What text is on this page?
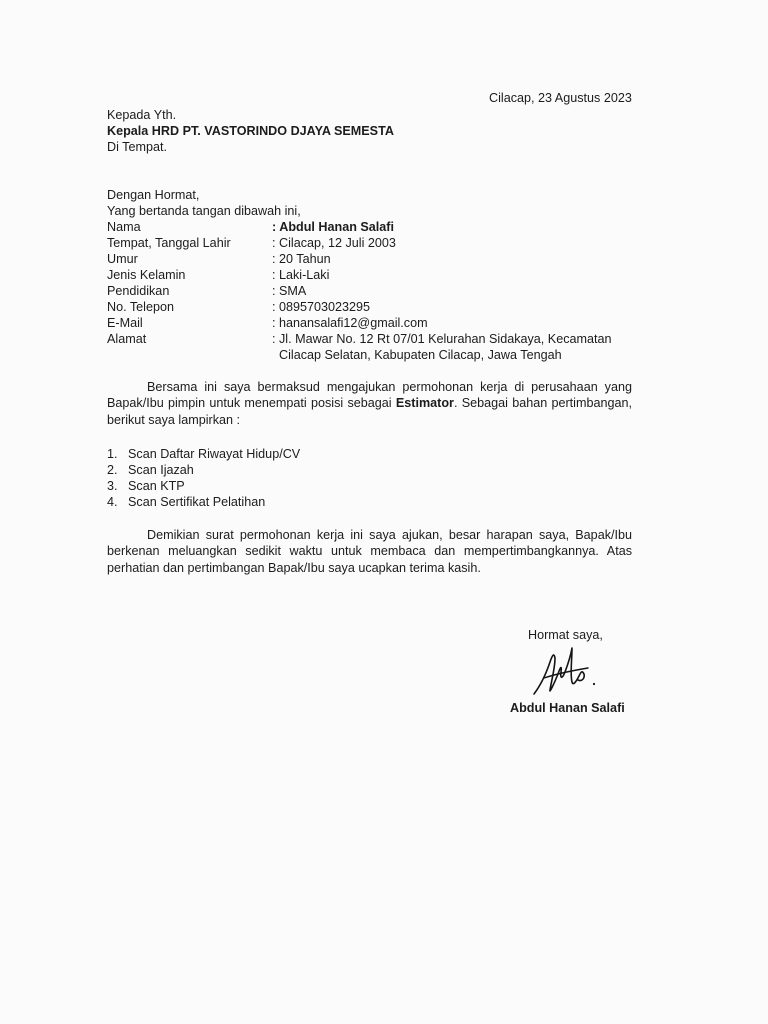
Cilacap, 23 Agustus 2023
Kepada Yth.
Kepala HRD PT. VASTORINDO DJAYA SEMESTA
Di Tempat.
Dengan Hormat,
Yang bertanda tangan dibawah ini,
Nama	: Abdul Hanan Salafi
Tempat, Tanggal Lahir	: Cilacap, 12 Juli 2003
Umur	: 20 Tahun
Jenis Kelamin	: Laki-Laki
Pendidikan	: SMA
No. Telepon	: 0895703023295
E-Mail	: hanansalafi12@gmail.com
Alamat	: Jl. Mawar No. 12 Rt 07/01 Kelurahan Sidakaya, Kecamatan
Cilacap Selatan, Kabupaten Cilacap, Jawa Tengah

Bersama ini saya bermaksud mengajukan permohonan kerja di perusahaan yang Bapak/Ibu pimpin untuk menempati posisi sebagai Estimator. Sebagai bahan pertimbangan, berikut saya lampirkan :

1. Scan Daftar Riwayat Hidup/CV
2. Scan Ijazah
3. Scan KTP
4. Scan Sertifikat Pelatihan

Demikian surat permohonan kerja ini saya ajukan, besar harapan saya, Bapak/Ibu berkenan meluangkan sedikit waktu untuk membaca dan mempertimbangkannya. Atas perhatian dan pertimbangan Bapak/Ibu saya ucapkan terima kasih.

Hormat saya,
Abdul Hanan Salafi
